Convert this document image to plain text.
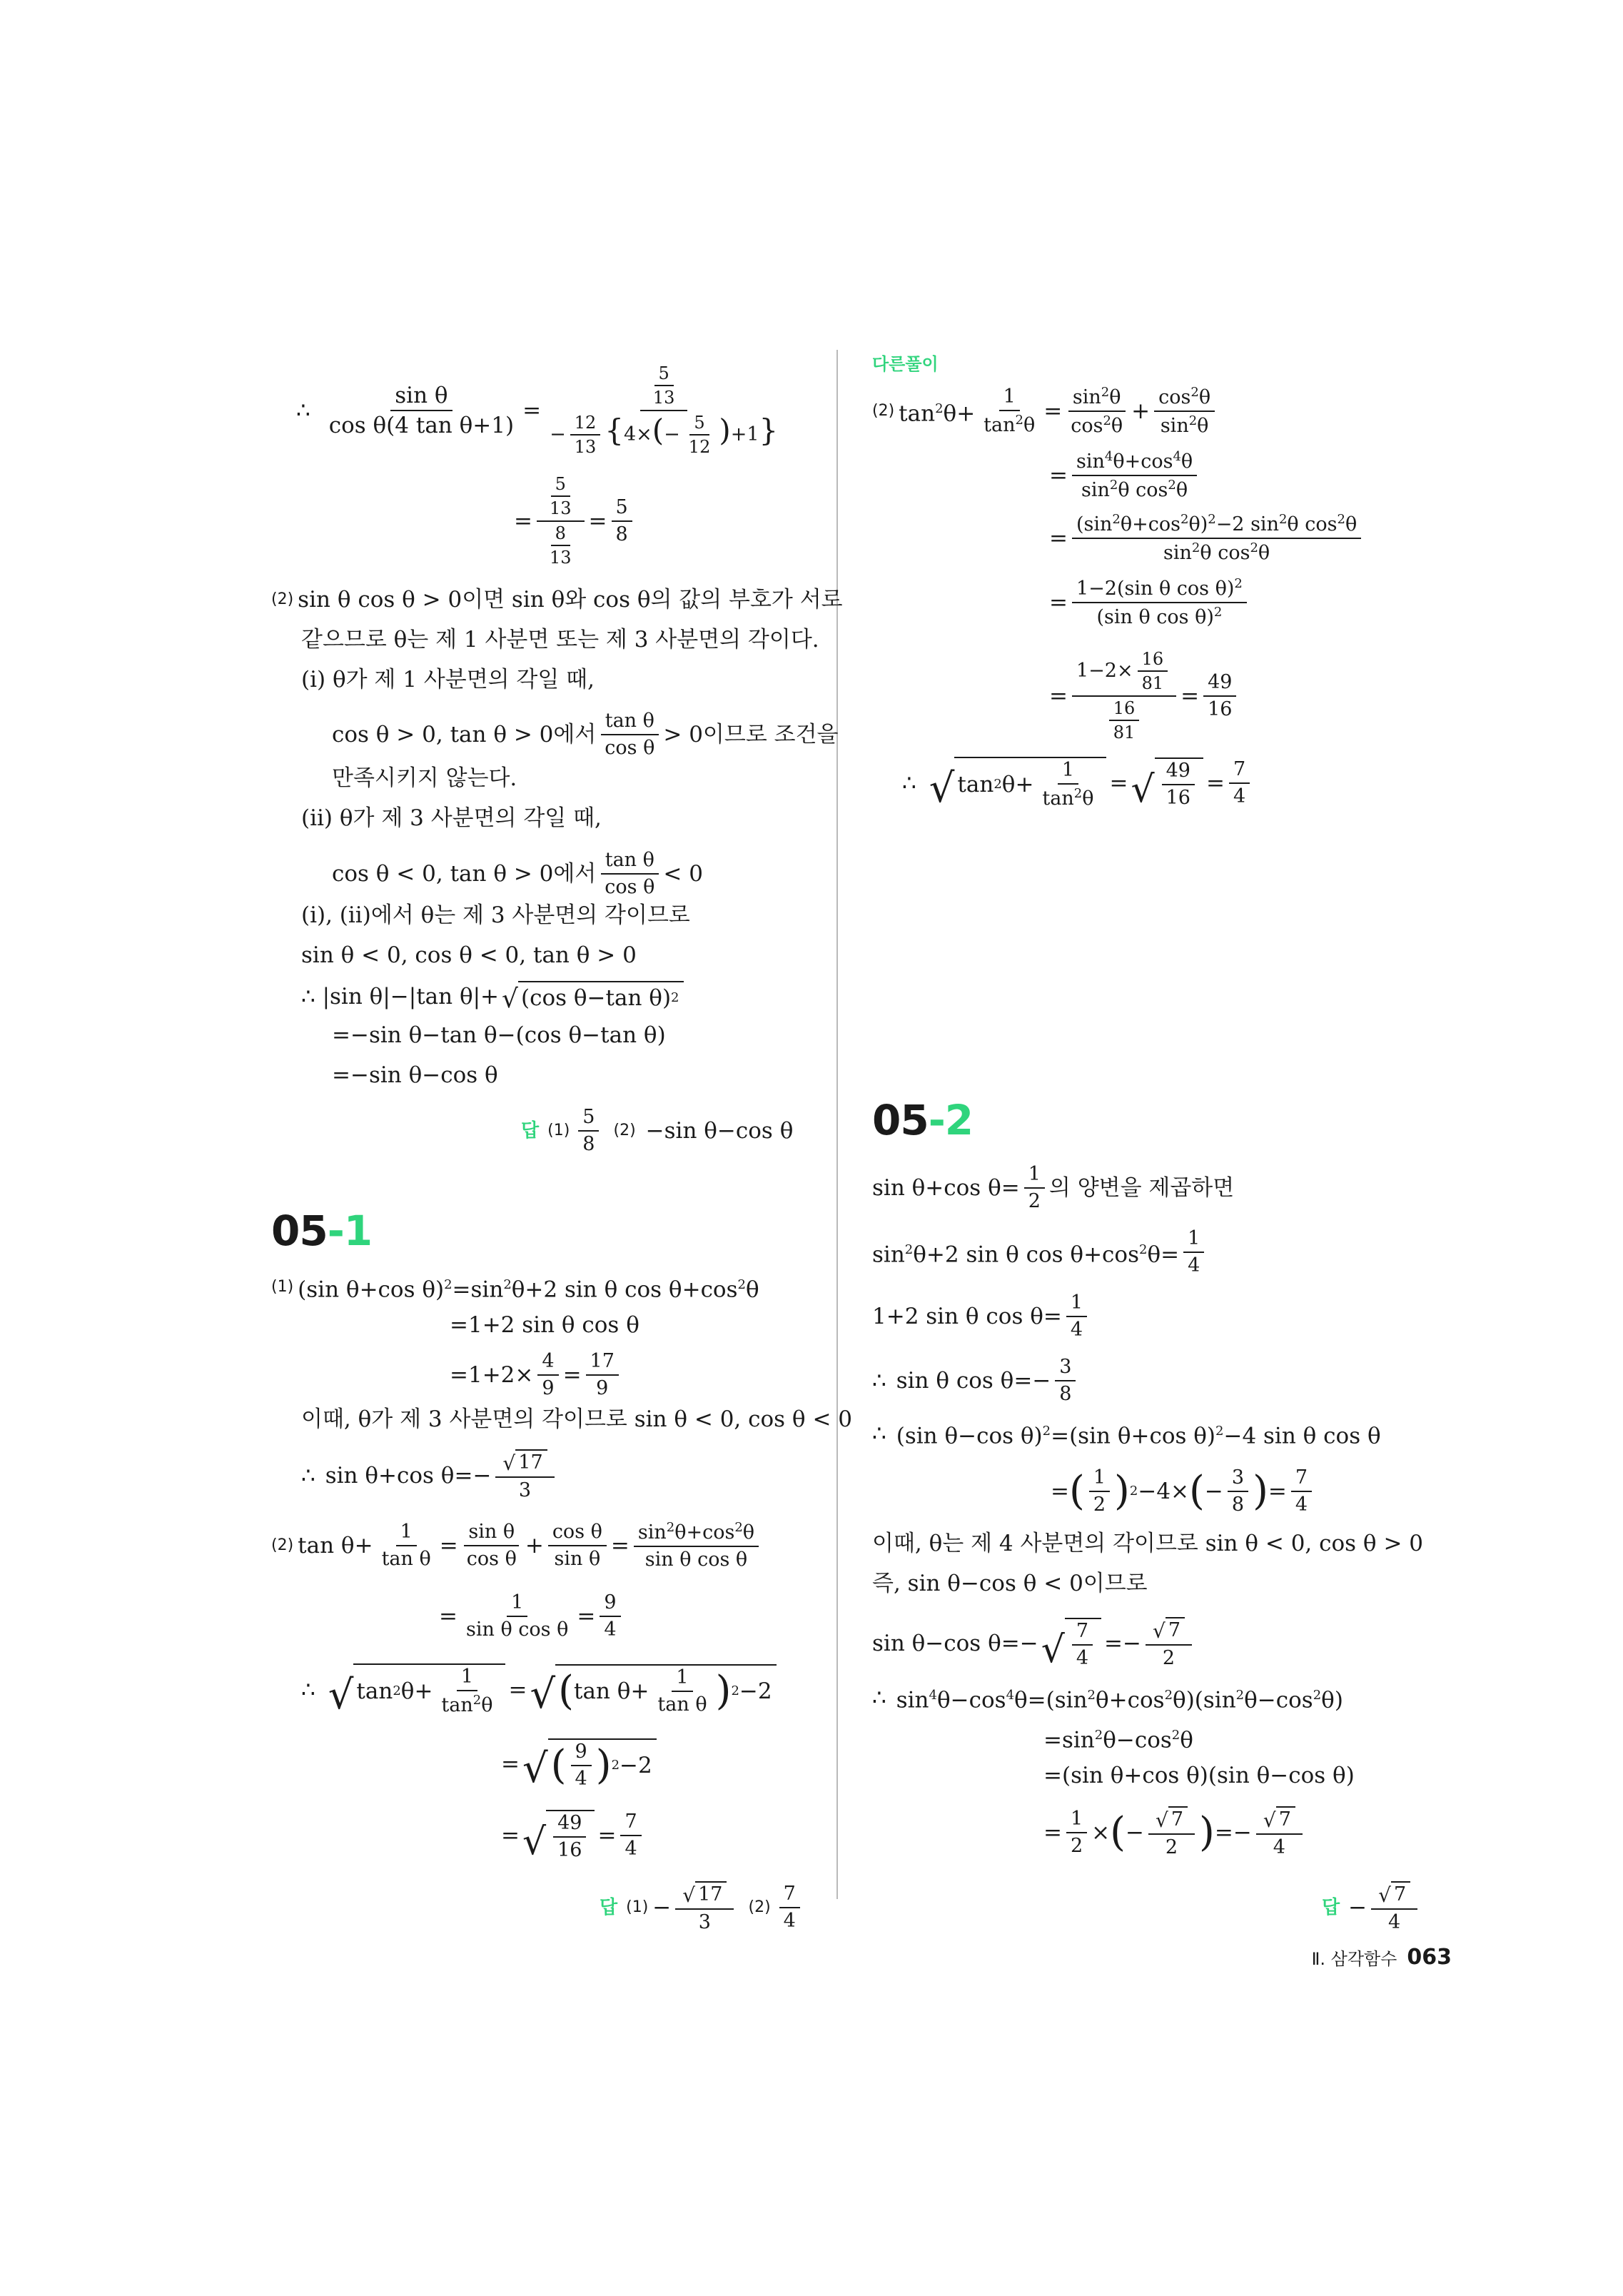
∴ $\frac{\text{sin θ}}{\text{cos θ(4 tan θ+1)}} = \frac{\frac{5}{13}}{- \frac{12}{13} \{4\times(- \frac{5}{12} )+1\}}$
= $\frac{\frac{5}{13}}{\frac{8}{13}} = \frac{5}{8}$
(2) sin θ cos θ > 0이면 sin θ와 cos θ의 값의 부호가 서로
같으므로 θ는 제 1 사분면 또는 제 3 사분면의 각이다.
(ⅰ) θ가 제 1 사분면의 각일 때,
cos θ > 0, tan θ > 0에서 $\frac{\text{tan θ}}{\text{cos θ}} > 0$이므로 조건을
만족시키지 않는다.
(ⅱ) θ가 제 3 사분면의 각일 때,
cos θ < 0, tan θ > 0에서 $\frac{\text{tan θ}}{\text{cos θ}} < 0$
(ⅰ), (ⅱ)에서 θ는 제 3 사분면의 각이므로
sin θ < 0, cos θ < 0, tan θ > 0
∴ |sin θ|−|tan θ|+ √ (cos θ−tan θ) 2
=−sin θ−tan θ−(cos θ−tan θ)
=−sin θ−cos θ
답 $(1) \frac{5}{8} (2) -\sin$ θ−cos θ
05-1
(1) (sin θ+cos $\theta)^2=\sin^2\theta+2$ sin θ $\cos \theta+\cos^2\theta$
=1+2 sin θ cos θ
$=1+2\times \frac{4}{9} = \frac{17}{9}$
이때, θ가 제 3 사분면의 각이므로 sin θ < 0, cos θ < 0
∴ sin θ+cos $\theta=- \frac{√ 17}{3}$
(2) $\tan \theta+ \frac{1}{\text{tan θ}} = \frac{\text{sin θ}}{\text{cos θ}} + \frac{\text{cos θ}}{\text{sin θ}} = \frac{\sin^2\theta+\cos^2\theta}{\text{sin θ cos θ}}$
= $\frac{1}{\text{sin θ cos θ}} = \frac{9}{4}$
∴ √ tan 2 $\theta+ \frac{1}{\tan^2\theta}$ = √ ( $\tan \theta+ \frac{1}{\text{tan θ}}$ ) 2 −2
= √ ( $\frac{9}{4}$ ) 2 −2
= √ $\frac{49}{16} = \frac{7}{4}$
답 $(1) - \frac{√ 17}{3} (2) \frac{7}{4}$
다른풀이
(2) $\tan^2\theta+ \frac{1}{\tan^2\theta} = \frac{\sin^2\theta}{\cos^2\theta} + \frac{\cos^2\theta}{\sin^2\theta}$
= $\frac{\sin^4\theta+\cos^4\theta}{\sin^2\theta \cos^2\theta}$
= $\frac{(\sin^2\theta+\cos^2\theta)^2-2 \sin^2\theta \cos^2\theta}{\sin^2\theta \cos^2\theta}$
= $\frac{1-2(\sin \theta \cos \theta)^2}{(\sin \theta \cos \theta)^2}$
= $\frac{1-2\times \frac{16}{81}}{\frac{16}{81}} = \frac{49}{16}$
∴ √ tan 2 $\theta+ \frac{1}{\tan^2\theta}$ = √ $\frac{49}{16} = \frac{7}{4}$
05-2
sin θ+cos $\theta= \frac{1}{2}$ 의 양변을 제곱하면
$\sin^2\theta+2$ sin θ $\cos \theta+\cos^2\theta= \frac{1}{4}$
1+2 sin θ $\cos \theta= \frac{1}{4}$
∴ sin θ $\cos \theta=- \frac{3}{8}$
∴ (sin θ−cos θ)$^2$=(sin θ+cos θ)$^2$−4 sin θ cos θ
= ( $\frac{1}{2}$ ) 2 −4× ( − $\frac{3}{8}$ ) = $\frac{7}{4}$
이때, θ는 제 4 사분면의 각이므로 sin θ < 0, cos θ > 0
즉, sin θ−cos θ < 0이므로
sin θ−cos θ=− √ $\frac{7}{4} =- \frac{√ 7}{2}$
∴ $\sin^4\theta-\cos^4\theta=(\sin^2\theta+\cos^2\theta)(\sin^2\theta-\cos^2\theta)$
$=\sin^2\theta-\cos^2\theta$
=(sin θ+cos θ)(sin θ−cos θ)
= $\frac{1}{2}$ × ( − $\frac{√ 7}{2}$ ) =− $\frac{√ 7}{4}$
답 − $\frac{√ 7}{4}$
Ⅱ. 삼각함수 063
